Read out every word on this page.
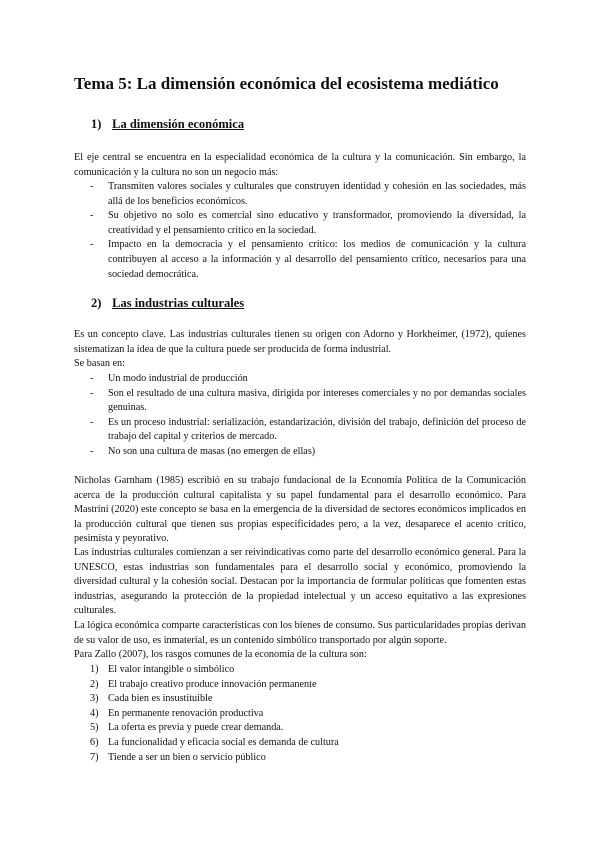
Tema 5: La dimensión económica del ecosistema mediático
1) La dimensión económica
El eje central se encuentra en la especialidad económica de la cultura y la comunicación. Sin embargo, la comunicación y la cultura no son un negocio más:
- Transmiten valores sociales y culturales que construyen identidad y cohesión en las sociedades, más allá de los beneficios económicos.
- Su objetivo no solo es comercial sino educativo y transformador, promoviendo la diversidad, la creatividad y el pensamiento crítico en la sociedad.
- Impacto en la democracia y el pensamiento crítico: los medios de comunicación y la cultura contribuyen al acceso a la información y al desarrollo del pensamiento crítico, necesarios para una sociedad democrática.
2) Las industrias culturales
Es un concepto clave. Las industrias culturales tienen su origen con Adorno y Horkheimer, (1972), quienes sistematizan la idea de que la cultura puede ser producida de forma industrial.
Se basan en:
- Un modo industrial de producción
- Son el resultado de una cultura masiva, dirigida por intereses comerciales y no por demandas sociales genuinas.
- Es un proceso industrial: serialización, estandarización, división del trabajo, definición del proceso de trabajo del capital y criterios de mercado.
- No son una cultura de masas (no emergen de ellas)
Nicholas Garnham (1985) escribió en su trabajo fundacional de la Economía Política de la Comunicación acerca de la producción cultural capitalista y su papel fundamental para el desarrollo económico. Para Mastrini (2020) este concepto se basa en la emergencia de la diversidad de sectores económicos implicados en la producción cultural que tienen sus propias especificidades pero, a la vez, desaparece el acento crítico, pesimista y peyorativo.
Las industrias culturales comienzan a ser reivindicativas como parte del desarrollo económico general. Para la UNESCO, estas industrias son fundamentales para el desarrollo social y económico, promoviendo la diversidad cultural y la cohesión social. Destacan por la importancia de formular políticas que fomenten estas industrias, asegurando la protección de la propiedad intelectual y un acceso equitativo a las expresiones culturales.
La lógica económica comparte características con los bienes de consumo. Sus particularidades propias derivan de su valor de uso, es inmaterial, es un contenido simbólico transportado por algún soporte.
Para Zallo (2007), los rasgos comunes de la economía de la cultura son:
1) El valor intangible o simbólico
2) El trabajo creativo produce innovación permanente
3) Cada bien es insustituible
4) En permanente renovación productiva
5) La oferta es previa y puede crear demanda.
6) La funcionalidad y eficacia social es demanda de cultura
7) Tiende a ser un bien o servicio público
